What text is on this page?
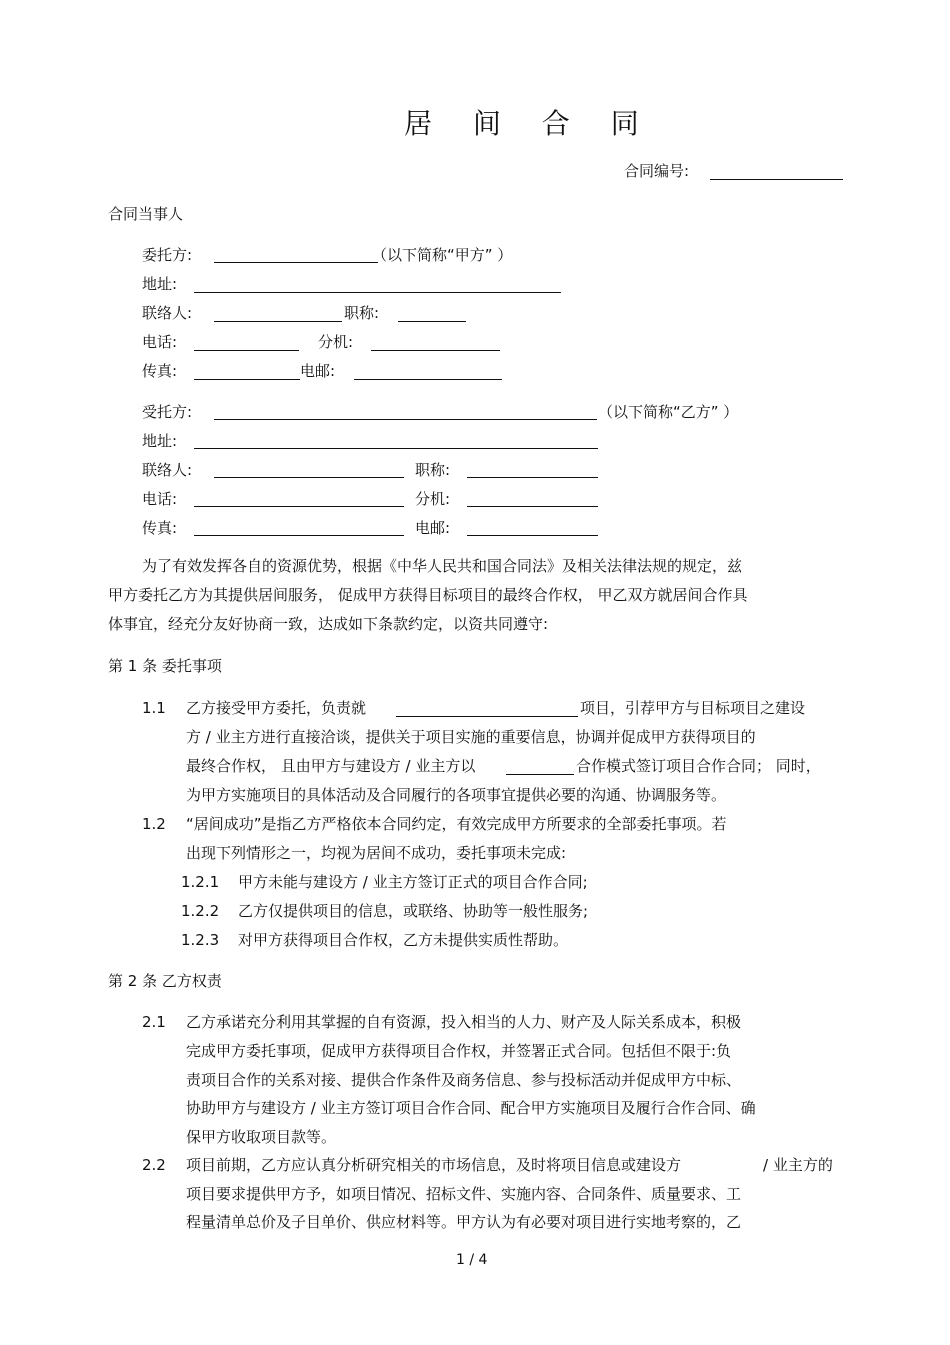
居 间 合 同
合同编号:
合同当事人
委托方:	（以下简称“甲方” ）
地址:
联络人:	职称:
电话:	分机:
传真:	电邮:
受托方:	（以下简称“乙方” ）
地址:
联络人:	职称:
电话:	分机:
传真:	电邮:
为了有效发挥各自的资源优势，根据《中华人民共和国合同法》及相关法律法规的规定，兹
甲方委托乙方为其提供居间服务， 促成甲方获得目标项目的最终合作权， 甲乙双方就居间合作具
体事宜，经充分友好协商一致，达成如下条款约定，以资共同遵守:
第 1 条 委托事项
1.1 乙方接受甲方委托，负责就	项目，引荐甲方与目标项目之建设
方 / 业主方进行直接洽谈，提供关于项目实施的重要信息，协调并促成甲方获得项目的
最终合作权， 且由甲方与建设方 / 业主方以	合作模式签订项目合作合同； 同时，
为甲方实施项目的具体活动及合同履行的各项事宜提供必要的沟通、协调服务等。
1.2 “居间成功”是指乙方严格依本合同约定，有效完成甲方所要求的全部委托事项。若
出现下列情形之一，均视为居间不成功，委托事项未完成:
1.2.1 甲方未能与建设方 / 业主方签订正式的项目合作合同;
1.2.2 乙方仅提供项目的信息，或联络、协助等一般性服务;
1.2.3 对甲方获得项目合作权，乙方未提供实质性帮助。
第 2 条 乙方权责
2.1 乙方承诺充分利用其掌握的自有资源，投入相当的人力、财产及人际关系成本，积极
完成甲方委托事项，促成甲方获得项目合作权，并签署正式合同。包括但不限于:负
责项目合作的关系对接、提供合作条件及商务信息、参与投标活动并促成甲方中标、
协助甲方与建设方 / 业主方签订项目合作合同、配合甲方实施项目及履行合作合同、确
保甲方收取项目款等。
2.2 项目前期，乙方应认真分析研究相关的市场信息，及时将项目信息或建设方	/ 业主方的
项目要求提供甲方予，如项目情况、招标文件、实施内容、合同条件、质量要求、工
程量清单总价及子目单价、供应材料等。甲方认为有必要对项目进行实地考察的，乙
1 / 4
